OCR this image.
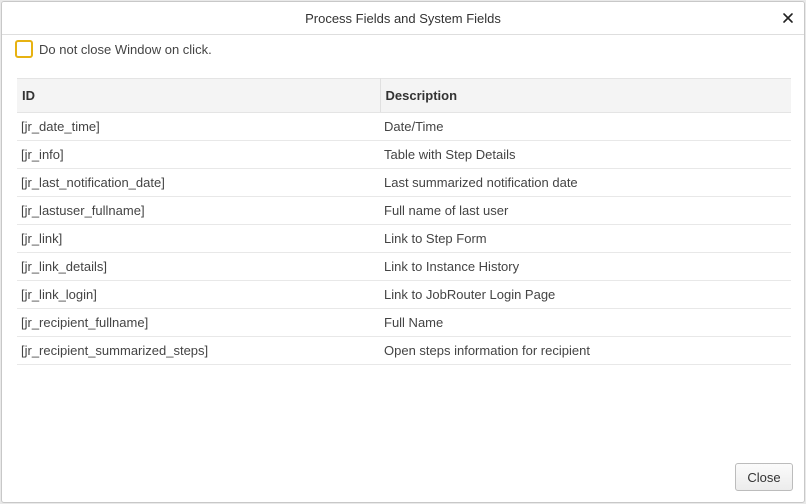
Process Fields and System Fields
Do not close Window on click.
ID	Description
[jr_date_time]	Date/Time
[jr_info]	Table with Step Details
[jr_last_notification_date]	Last summarized notification date
[jr_lastuser_fullname]	Full name of last user
[jr_link]	Link to Step Form
[jr_link_details]	Link to Instance History
[jr_link_login]	Link to JobRouter Login Page
[jr_recipient_fullname]	Full Name
[jr_recipient_summarized_steps]	Open steps information for recipient
Close
